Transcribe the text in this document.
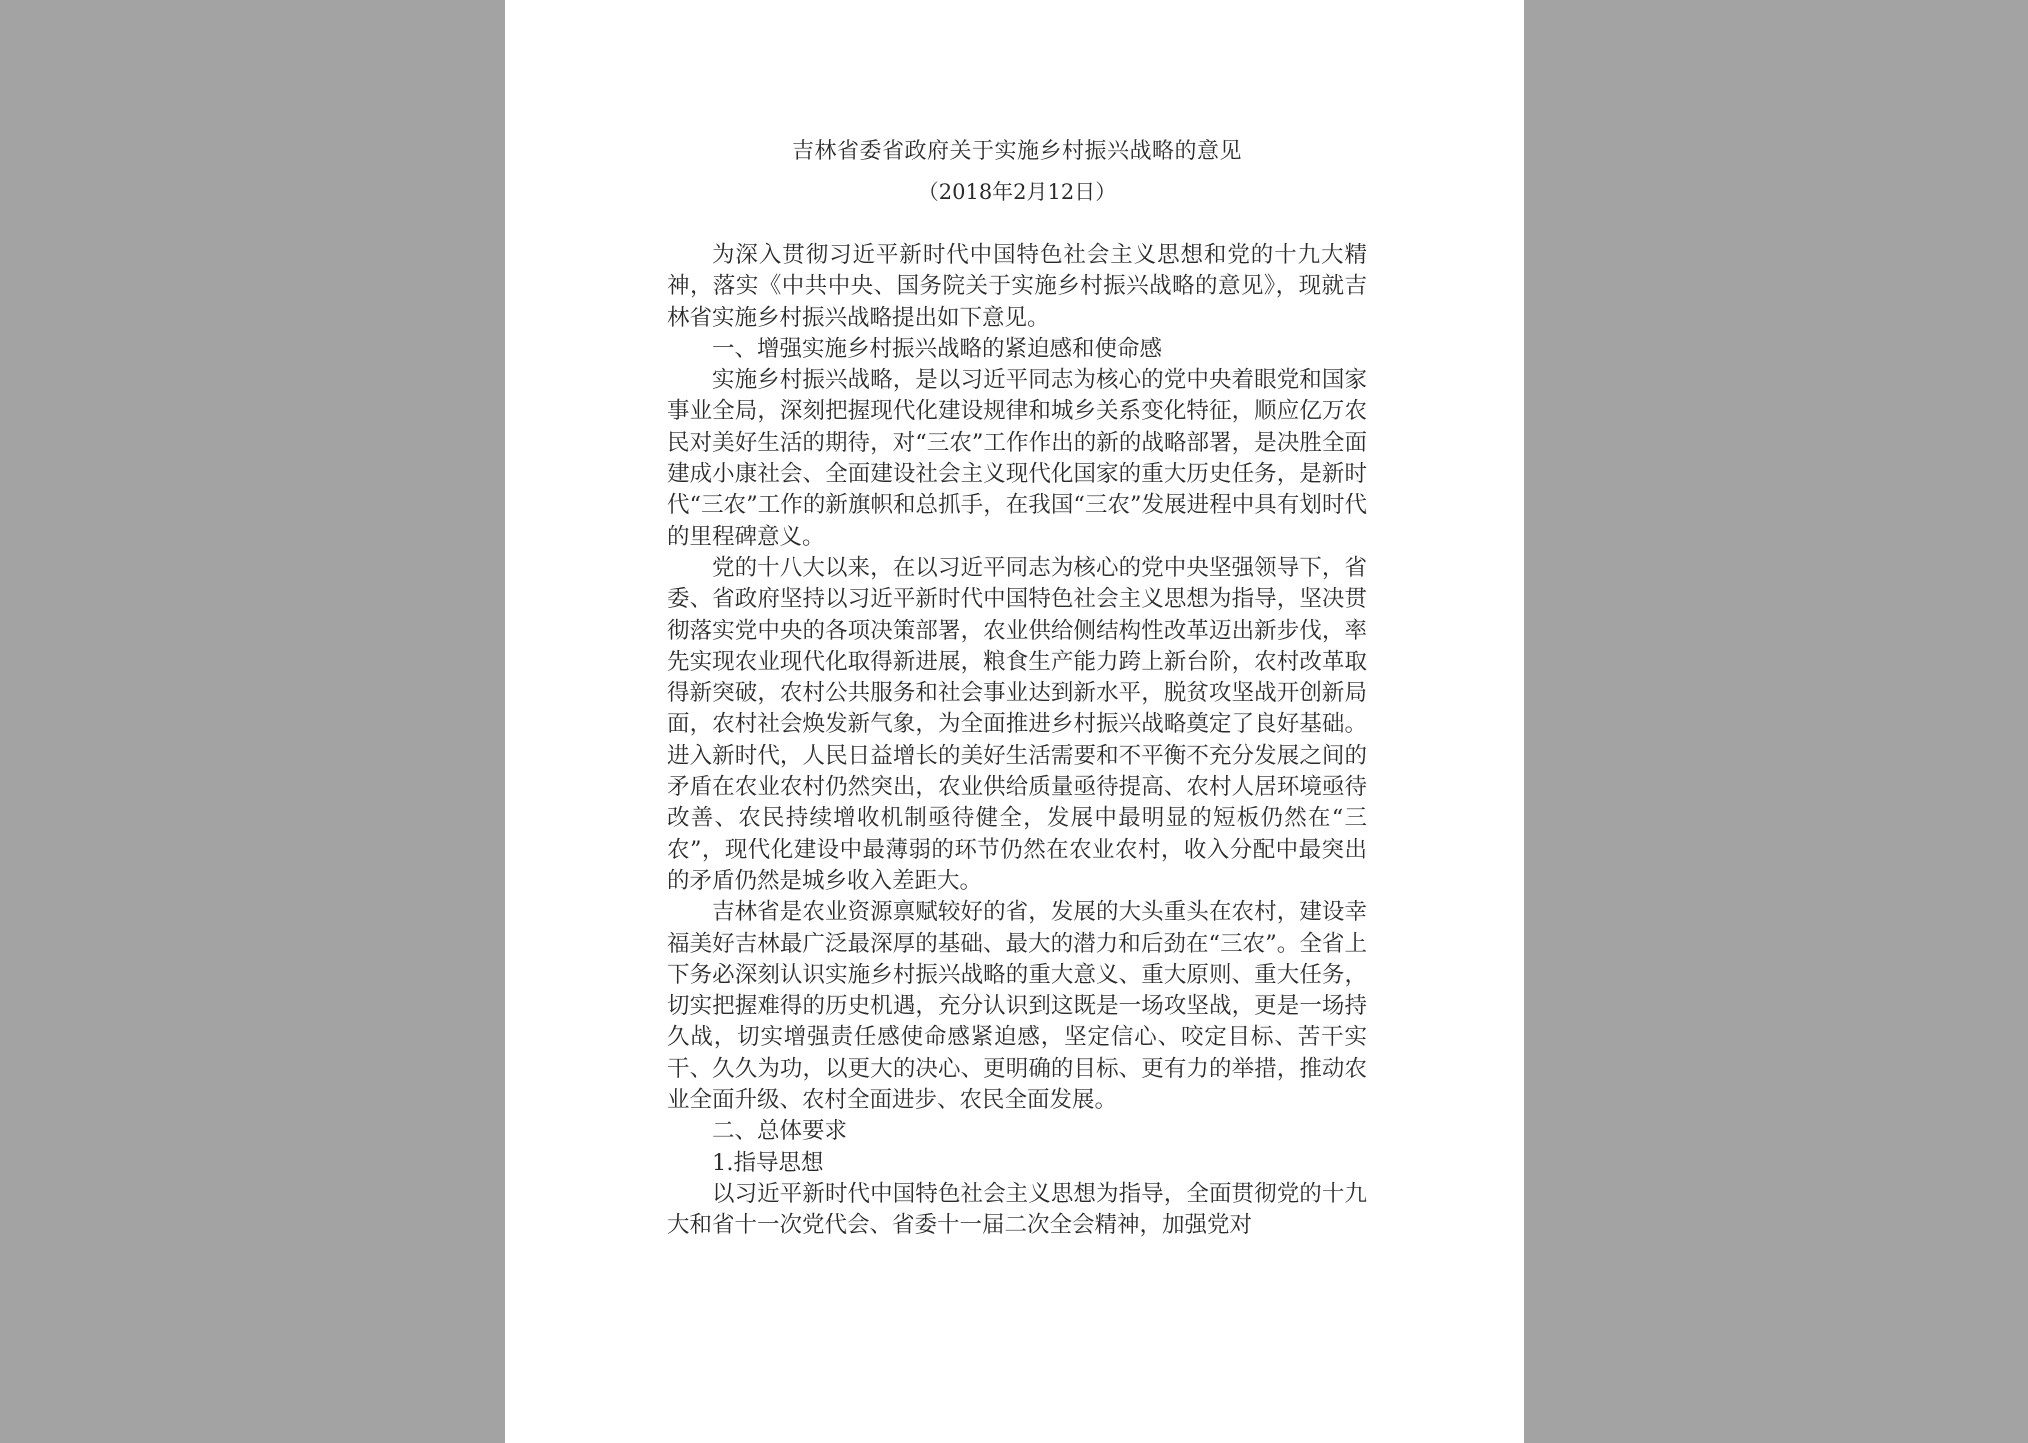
吉林省委省政府关于实施乡村振兴战略的意见

（2018年2月12日）

为深入贯彻习近平新时代中国特色社会主义思想和党的十九大精神，落实《中共中央、国务院关于实施乡村振兴战略的意见》，现就吉林省实施乡村振兴战略提出如下意见。

一、增强实施乡村振兴战略的紧迫感和使命感

实施乡村振兴战略，是以习近平同志为核心的党中央着眼党和国家事业全局，深刻把握现代化建设规律和城乡关系变化特征，顺应亿万农民对美好生活的期待，对“三农”工作作出的新的战略部署，是决胜全面建成小康社会、全面建设社会主义现代化国家的重大历史任务，是新时代“三农”工作的新旗帜和总抓手，在我国“三农”发展进程中具有划时代的里程碑意义。

党的十八大以来，在以习近平同志为核心的党中央坚强领导下，省委、省政府坚持以习近平新时代中国特色社会主义思想为指导，坚决贯彻落实党中央的各项决策部署，农业供给侧结构性改革迈出新步伐，率先实现农业现代化取得新进展，粮食生产能力跨上新台阶，农村改革取得新突破，农村公共服务和社会事业达到新水平，脱贫攻坚战开创新局面，农村社会焕发新气象，为全面推进乡村振兴战略奠定了良好基础。进入新时代，人民日益增长的美好生活需要和不平衡不充分发展之间的矛盾在农业农村仍然突出，农业供给质量亟待提高、农村人居环境亟待改善、农民持续增收机制亟待健全，发展中最明显的短板仍然在“三农”，现代化建设中最薄弱的环节仍然在农业农村，收入分配中最突出的矛盾仍然是城乡收入差距大。

吉林省是农业资源禀赋较好的省，发展的大头重头在农村，建设幸福美好吉林最广泛最深厚的基础、最大的潜力和后劲在“三农”。全省上下务必深刻认识实施乡村振兴战略的重大意义、重大原则、重大任务，切实把握难得的历史机遇，充分认识到这既是一场攻坚战，更是一场持久战，切实增强责任感使命感紧迫感，坚定信心、咬定目标、苦干实干、久久为功，以更大的决心、更明确的目标、更有力的举措，推动农业全面升级、农村全面进步、农民全面发展。

二、总体要求

1.指导思想

以习近平新时代中国特色社会主义思想为指导，全面贯彻党的十九大和省十一次党代会、省委十一届二次全会精神，加强党对
